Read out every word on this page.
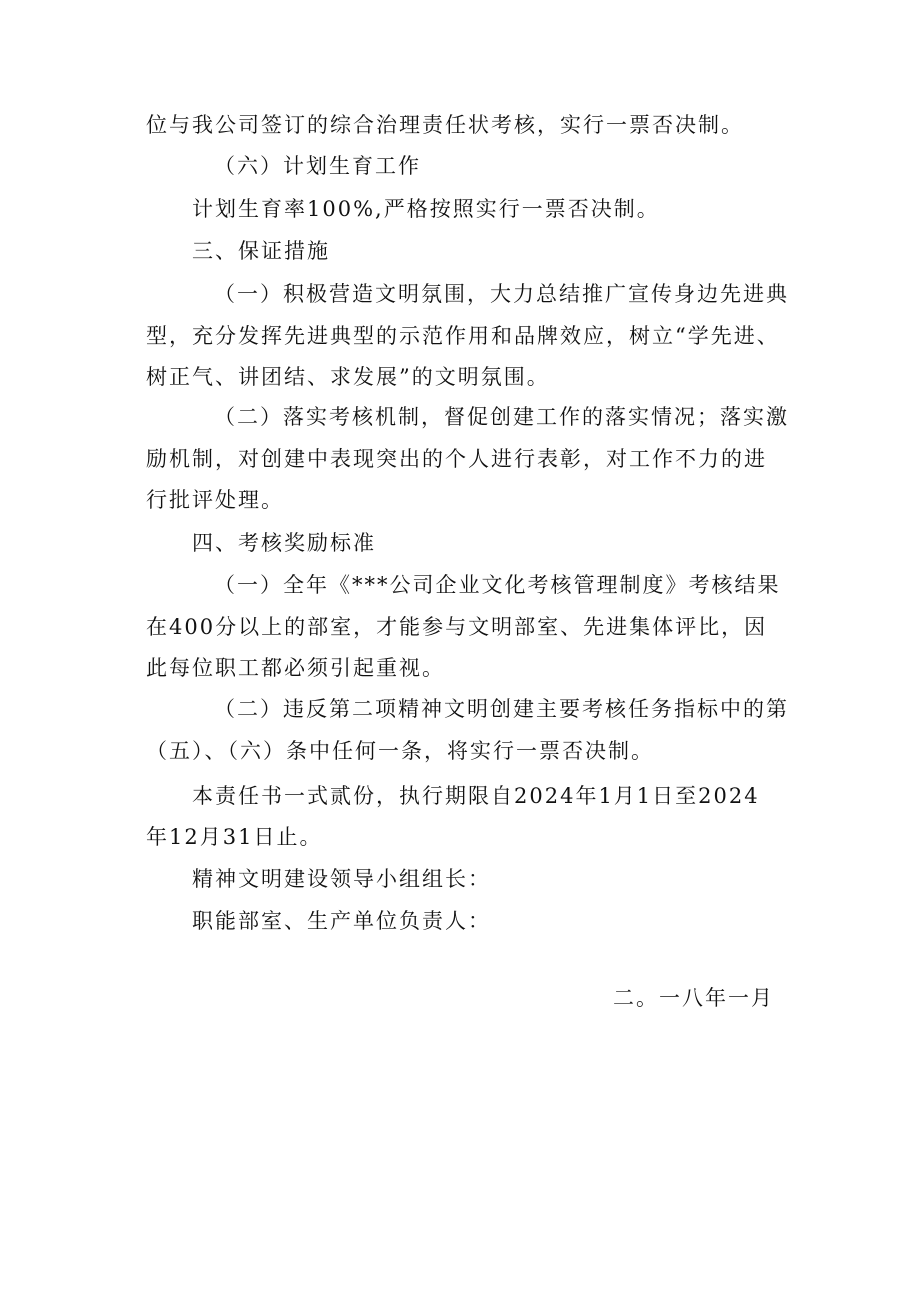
位与我公司签订的综合治理责任状考核，实行一票否决制。
（六）计划生育工作
计划生育率100%,严格按照实行一票否决制。
三、保证措施
（一）积极营造文明氛围，大力总结推广宣传身边先进典
型，充分发挥先进典型的示范作用和品牌效应，树立“学先进、
树正气、讲团结、求发展”的文明氛围。
（二）落实考核机制，督促创建工作的落实情况；落实激
励机制，对创建中表现突出的个人进行表彰，对工作不力的进
行批评处理。
四、考核奖励标准
（一）全年《***公司企业文化考核管理制度》考核结果
在400分以上的部室，才能参与文明部室、先进集体评比，因
此每位职工都必须引起重视。
（二）违反第二项精神文明创建主要考核任务指标中的第
（五）、（六）条中任何一条，将实行一票否决制。
本责任书一式贰份，执行期限自2024年1月1日至2024
年12月31日止。
精神文明建设领导小组组长：
职能部室、生产单位负责人：
二。一八年一月
